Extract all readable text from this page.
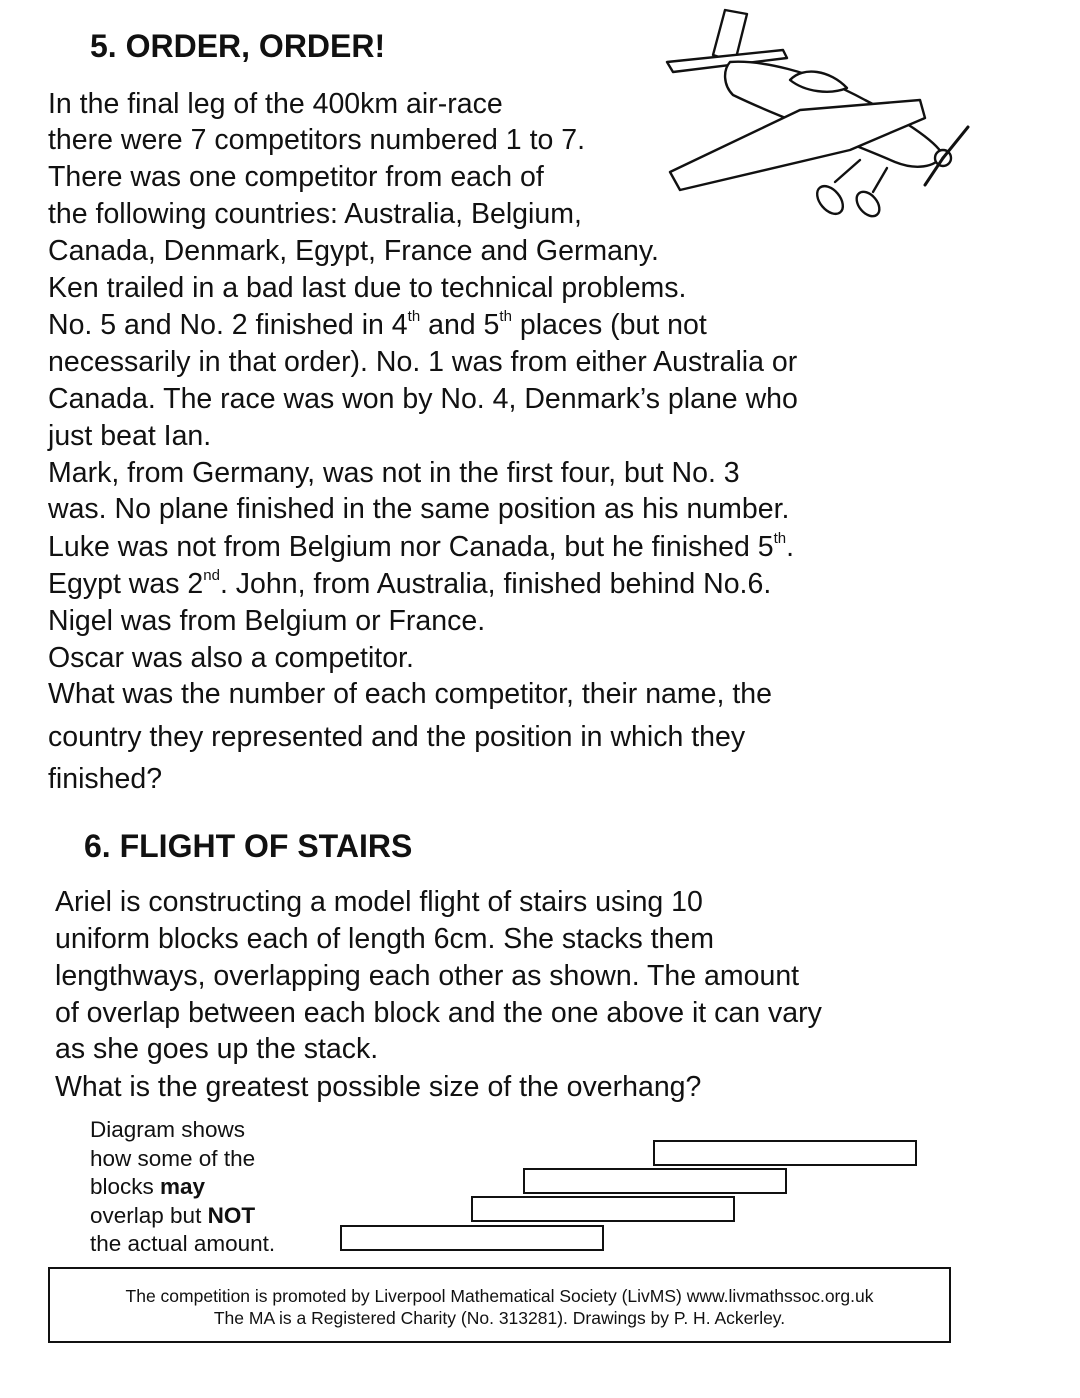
5. ORDER, ORDER!
In the final leg of the 400km air-race
there were 7 competitors numbered 1 to 7.
There was one competitor from each of
the following countries: Australia, Belgium,
Canada, Denmark, Egypt, France and Germany.
Ken trailed in a bad last due to technical problems.
No. 5 and No. 2 finished in 4th and 5th places (but not
necessarily in that order). No. 1 was from either Australia or
Canada. The race was won by No. 4, Denmark’s plane who
just beat Ian.
Mark, from Germany, was not in the first four, but No. 3
was. No plane finished in the same position as his number.
Luke was not from Belgium nor Canada, but he finished 5th.
Egypt was 2nd. John, from Australia, finished behind No.6.
Nigel was from Belgium or France.
Oscar was also a competitor.
What was the number of each competitor, their name, the
country they represented and the position in which they
finished?
6. FLIGHT OF STAIRS
Ariel is constructing a model flight of stairs using 10
uniform blocks each of length 6cm. She stacks them
lengthways, overlapping each other as shown. The amount
of overlap between each block and the one above it can vary
as she goes up the stack.
What is the greatest possible size of the overhang?
Diagram shows
how some of the
blocks may
overlap but NOT
the actual amount.
The competition is promoted by Liverpool Mathematical Society (LivMS) www.livmathssoc.org.uk
The MA is a Registered Charity (No. 313281). Drawings by P. H. Ackerley.
